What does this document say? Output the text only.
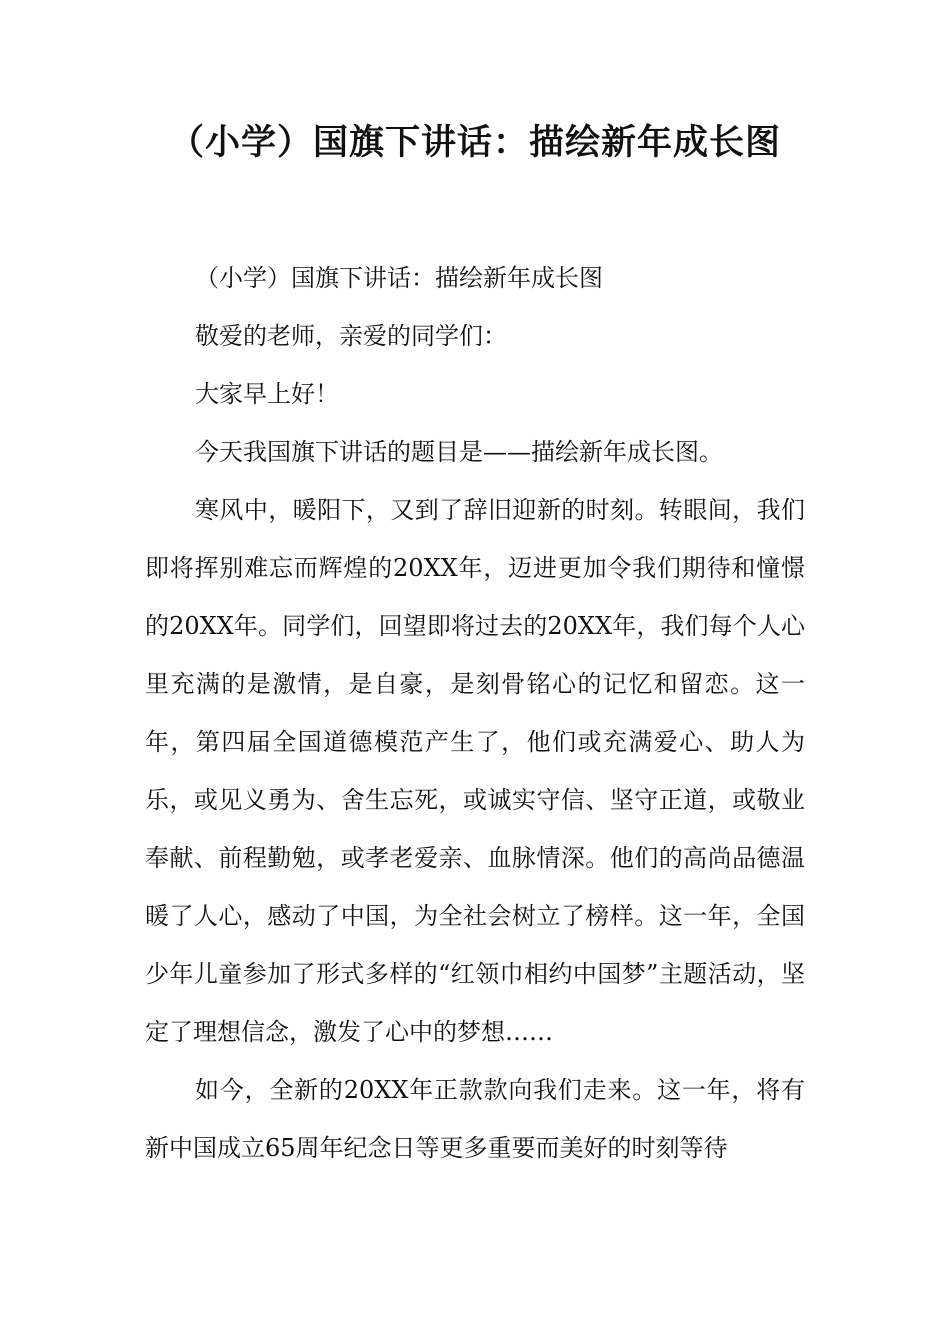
（小学）国旗下讲话：描绘新年成长图

（小学）国旗下讲话：描绘新年成长图

敬爱的老师，亲爱的同学们：

大家早上好！

今天我国旗下讲话的题目是——描绘新年成长图。

寒风中，暖阳下，又到了辞旧迎新的时刻。转眼间，我们即将挥别难忘而辉煌的20XX年，迈进更加令我们期待和憧憬的20XX年。同学们，回望即将过去的20XX年，我们每个人心里充满的是激情，是自豪，是刻骨铭心的记忆和留恋。这一年，第四届全国道德模范产生了，他们或充满爱心、助人为乐，或见义勇为、舍生忘死，或诚实守信、坚守正道，或敬业奉献、前程勤勉，或孝老爱亲、血脉情深。他们的高尚品德温暖了人心，感动了中国，为全社会树立了榜样。这一年，全国少年儿童参加了形式多样的“红领巾相约中国梦”主题活动，坚定了理想信念，激发了心中的梦想……

如今，全新的20XX年正款款向我们走来。这一年，将有新中国成立65周年纪念日等更多重要而美好的时刻等待
